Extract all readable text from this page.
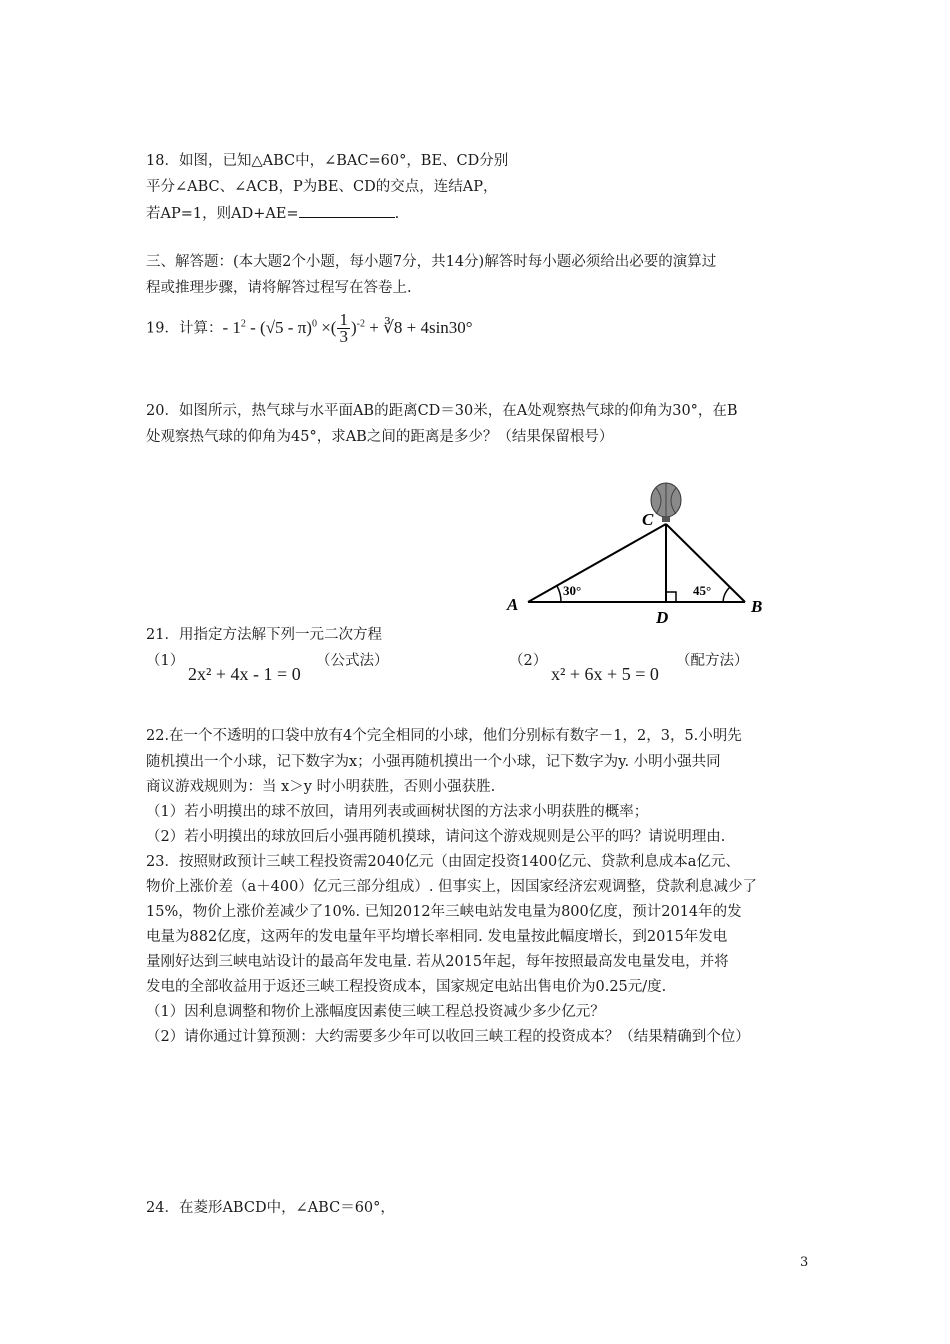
18．如图，已知△ABC中，∠BAC=60°，BE、CD分别
平分∠ABC、∠ACB，P为BE、CD的交点，连结AP，
若AP=1，则AD+AE=	.
三、解答题：(本大题2个小题，每小题7分，共14分)解答时每小题必须给出必要的演算过
程或推理步骤，请将解答过程写在答卷上.
19．计算：- $1^2 - (√5 - \pi)^0$ ×( $\frac{1}{3} )^{-2}$ + ∛8 + 4sin30°
20．如图所示，热气球与水平面AB的距离CD＝30米，在A处观察热气球的仰角为30°，在B
处观察热气球的仰角为45°，求AB之间的距离是多少？（结果保留根号）
A	B
C
D
30°	45°
21．用指定方法解下列一元二次方程
（1）
2x² + 4x - 1 = 0
（公式法）	（2）
x² + 6x + 5 = 0
（配方法）
22.在一个不透明的口袋中放有4个完全相同的小球，他们分别标有数字－1，2，3，5.小明先
随机摸出一个小球，记下数字为x；小强再随机摸出一个小球，记下数字为y. 小明小强共同
商议游戏规则为：当 x＞y 时小明获胜，否则小强获胜.
（1）若小明摸出的球不放回，请用列表或画树状图的方法求小明获胜的概率；
（2）若小明摸出的球放回后小强再随机摸球，请问这个游戏规则是公平的吗？请说明理由.
23．按照财政预计三峡工程投资需2040亿元（由固定投资1400亿元、贷款利息成本a亿元、
物价上涨价差（a＋400）亿元三部分组成）. 但事实上，因国家经济宏观调整，贷款利息减少了
15%，物价上涨价差减少了10%. 已知2012年三峡电站发电量为800亿度，预计2014年的发
电量为882亿度，这两年的发电量年平均增长率相同. 发电量按此幅度增长，到2015年发电
量刚好达到三峡电站设计的最高年发电量. 若从2015年起，每年按照最高发电量发电，并将
发电的全部收益用于返还三峡工程投资成本，国家规定电站出售电价为0.25元/度.
（1）因利息调整和物价上涨幅度因素使三峡工程总投资减少多少亿元？
（2）请你通过计算预测：大约需要多少年可以收回三峡工程的投资成本？（结果精确到个位）
24．在菱形ABCD中，∠ABC＝60°，
3
